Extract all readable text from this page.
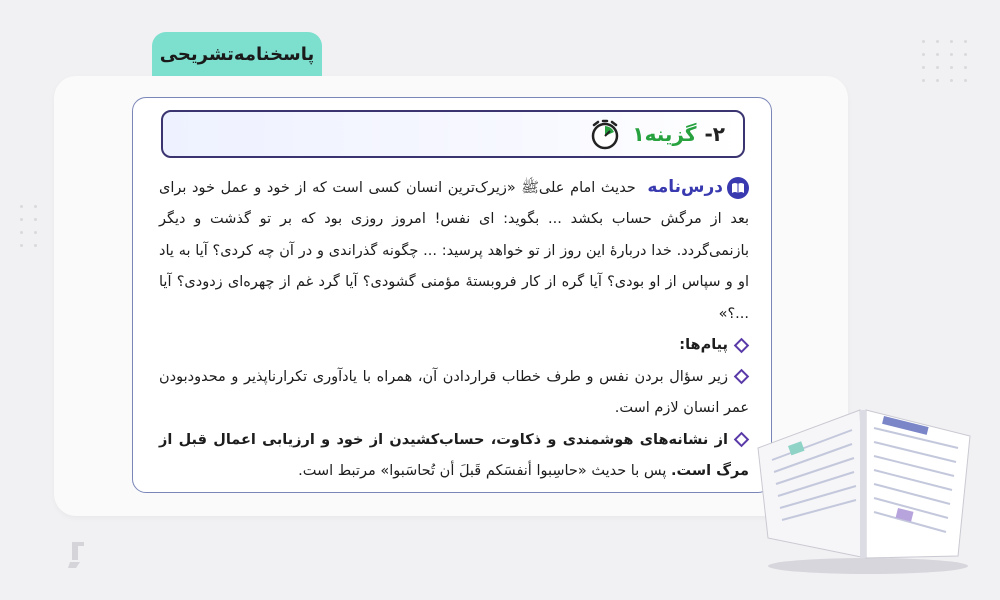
پاسخنامه‌تشریحی
۲-
گزینه۱

درس‌نامه
حدیث امام علی‌ﷺ «زیرک‌ترین انسان کسی است که از خود و عمل خود برای بعد از مرگش حساب بکشد ... بگوید: ای نفس! امروز روزی بود که بر تو گذشت و دیگر بازنمی‌گردد. خدا دربارهٔ این روز از تو خواهد پرسید: ... چگونه گذراندی و در آن چه کردی؟ آیا به یاد او و سپاس از او بودی؟ آیا گره از کار فروبستهٔ مؤمنی گشودی؟ آیا گرد غم از چهره‌ای زدودی؟ آیا ...؟»

پیام‌ها:

زیر سؤال بردن نفس و طرف خطاب قراردادن آن، همراه با یادآوری تکرارناپذیر و محدودبودن عمر انسان لازم است.

از نشانه‌های هوشمندی و ذکاوت، حساب‌کشیدن از خود و ارزیابی اعمال قبل از مرگ است. پس با حدیث «حاسِبوا أنفسَکم قَبلَ أن تُحاسَبوا» مرتبط است.
